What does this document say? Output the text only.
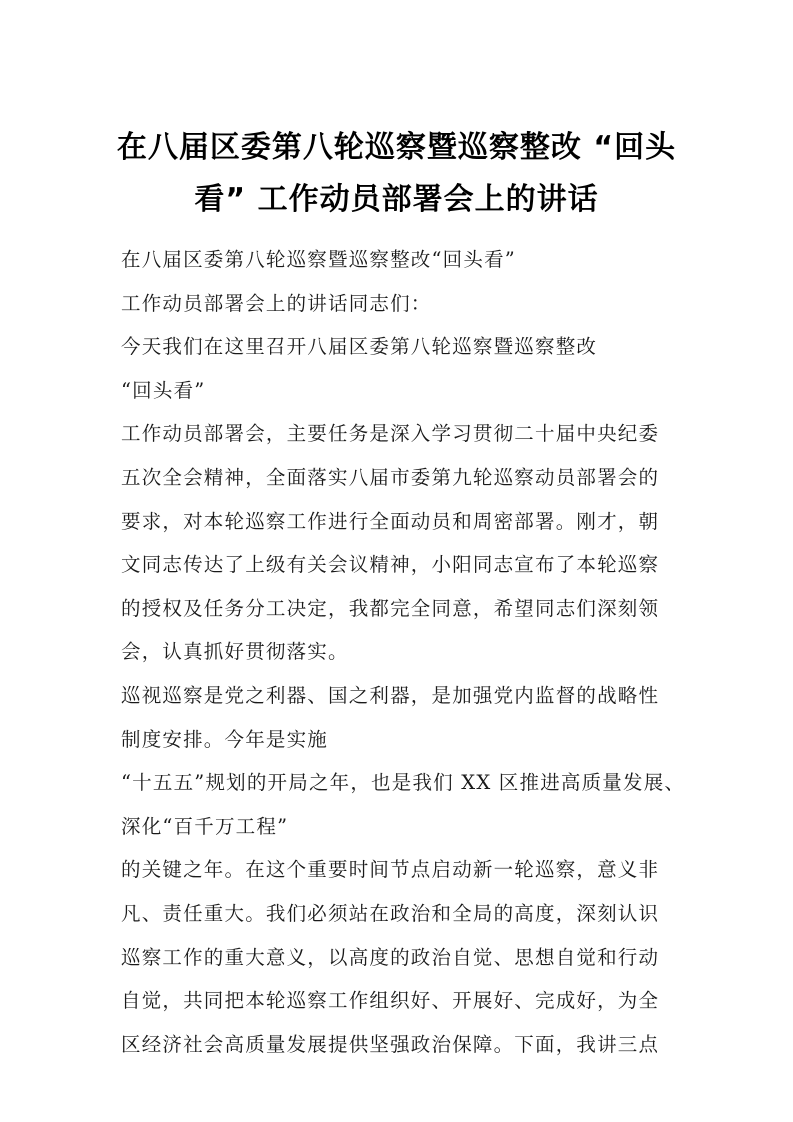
在八届区委第八轮巡察暨巡察整改 “回头
看” 工作动员部署会上的讲话
在八届区委第八轮巡察暨巡察整改“回头看”
工作动员部署会上的讲话同志们：
今天我们在这里召开八届区委第八轮巡察暨巡察整改
“回头看”
工作动员部署会，主要任务是深入学习贯彻二十届中央纪委
五次全会精神，全面落实八届市委第九轮巡察动员部署会的
要求，对本轮巡察工作进行全面动员和周密部署。刚才，朝
文同志传达了上级有关会议精神，小阳同志宣布了本轮巡察
的授权及任务分工决定，我都完全同意，希望同志们深刻领
会，认真抓好贯彻落实。
巡视巡察是党之利器、国之利器，是加强党内监督的战略性
制度安排。今年是实施
“十五五”规划的开局之年，也是我们 XX 区推进高质量发展、
深化“百千万工程”
的关键之年。在这个重要时间节点启动新一轮巡察，意义非
凡、责任重大。我们必须站在政治和全局的高度，深刻认识
巡察工作的重大意义，以高度的政治自觉、思想自觉和行动
自觉，共同把本轮巡察工作组织好、开展好、完成好，为全
区经济社会高质量发展提供坚强政治保障。下面，我讲三点
